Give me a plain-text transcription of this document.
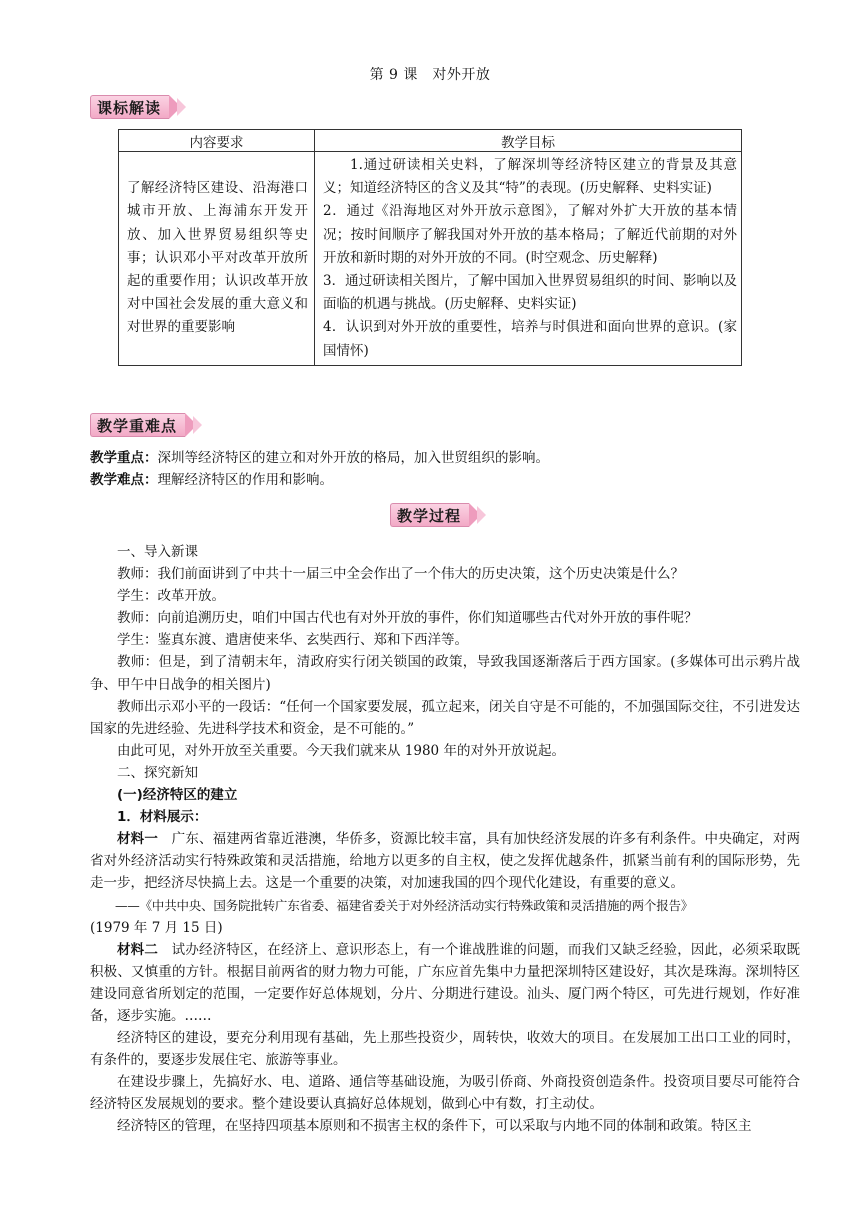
第 9 课　对外开放
课标解读
内容要求	教学目标
了解经济特区建设、沿海港口城市开放、上海浦东开发开放、加入世界贸易组织等史事；认识邓小平对改革开放所起的重要作用；认识改革开放对中国社会发展的重大意义和对世界的重要影响	1.通过研读相关史料，了解深圳等经济特区建立的背景及其意义；知道经济特区的含义及其“特”的表现。(历史解释、史料实证)

2．通过《沿海地区对外开放示意图》，了解对外扩大开放的基本情况；按时间顺序了解我国对外开放的基本格局；了解近代前期的对外开放和新时期的对外开放的不同。(时空观念、历史解释)

3．通过研读相关图片，了解中国加入世界贸易组织的时间、影响以及面临的机遇与挑战。(历史解释、史料实证)

4．认识到对外开放的重要性，培养与时俱进和面向世界的意识。(家国情怀)

教学重难点
教学重点：深圳等经济特区的建立和对外开放的格局，加入世贸组织的影响。
教学难点：理解经济特区的作用和影响。
教学过程

一、导入新课

教师：我们前面讲到了中共十一届三中全会作出了一个伟大的历史决策，这个历史决策是什么？

学生：改革开放。

教师：向前追溯历史，咱们中国古代也有对外开放的事件，你们知道哪些古代对外开放的事件呢？

学生：鉴真东渡、遣唐使来华、玄奘西行、郑和下西洋等。

教师：但是，到了清朝末年，清政府实行闭关锁国的政策，导致我国逐渐落后于西方国家。(多媒体可出示鸦片战争、甲午中日战争的相关图片)

教师出示邓小平的一段话：“任何一个国家要发展，孤立起来，闭关自守是不可能的，不加强国际交往，不引进发达国家的先进经验、先进科学技术和资金，是不可能的。”

由此可见，对外开放至关重要。今天我们就来从 1980 年的对外开放说起。

二、探究新知

(一)经济特区的建立

1．材料展示：

材料一　广东、福建两省靠近港澳，华侨多，资源比较丰富，具有加快经济发展的许多有利条件。中央确定，对两省对外经济活动实行特殊政策和灵活措施，给地方以更多的自主权，使之发挥优越条件，抓紧当前有利的国际形势，先走一步，把经济尽快搞上去。这是一个重要的决策，对加速我国的四个现代化建设，有重要的意义。

——《中共中央、国务院批转广东省委、福建省委关于对外经济活动实行特殊政策和灵活措施的两个报告》

(1979 年 7 月 15 日)

材料二　试办经济特区，在经济上、意识形态上，有一个谁战胜谁的问题，而我们又缺乏经验，因此，必须采取既积极、又慎重的方针。根据目前两省的财力物力可能，广东应首先集中力量把深圳特区建设好，其次是珠海。深圳特区建设同意省所划定的范围，一定要作好总体规划，分片、分期进行建设。汕头、厦门两个特区，可先进行规划，作好准备，逐步实施。……

经济特区的建设，要充分利用现有基础，先上那些投资少，周转快，收效大的项目。在发展加工出口工业的同时，有条件的，要逐步发展住宅、旅游等事业。

在建设步骤上，先搞好水、电、道路、通信等基础设施，为吸引侨商、外商投资创造条件。投资项目要尽可能符合经济特区发展规划的要求。整个建设要认真搞好总体规划，做到心中有数，打主动仗。

经济特区的管理，在坚持四项基本原则和不损害主权的条件下，可以采取与内地不同的体制和政策。特区主
